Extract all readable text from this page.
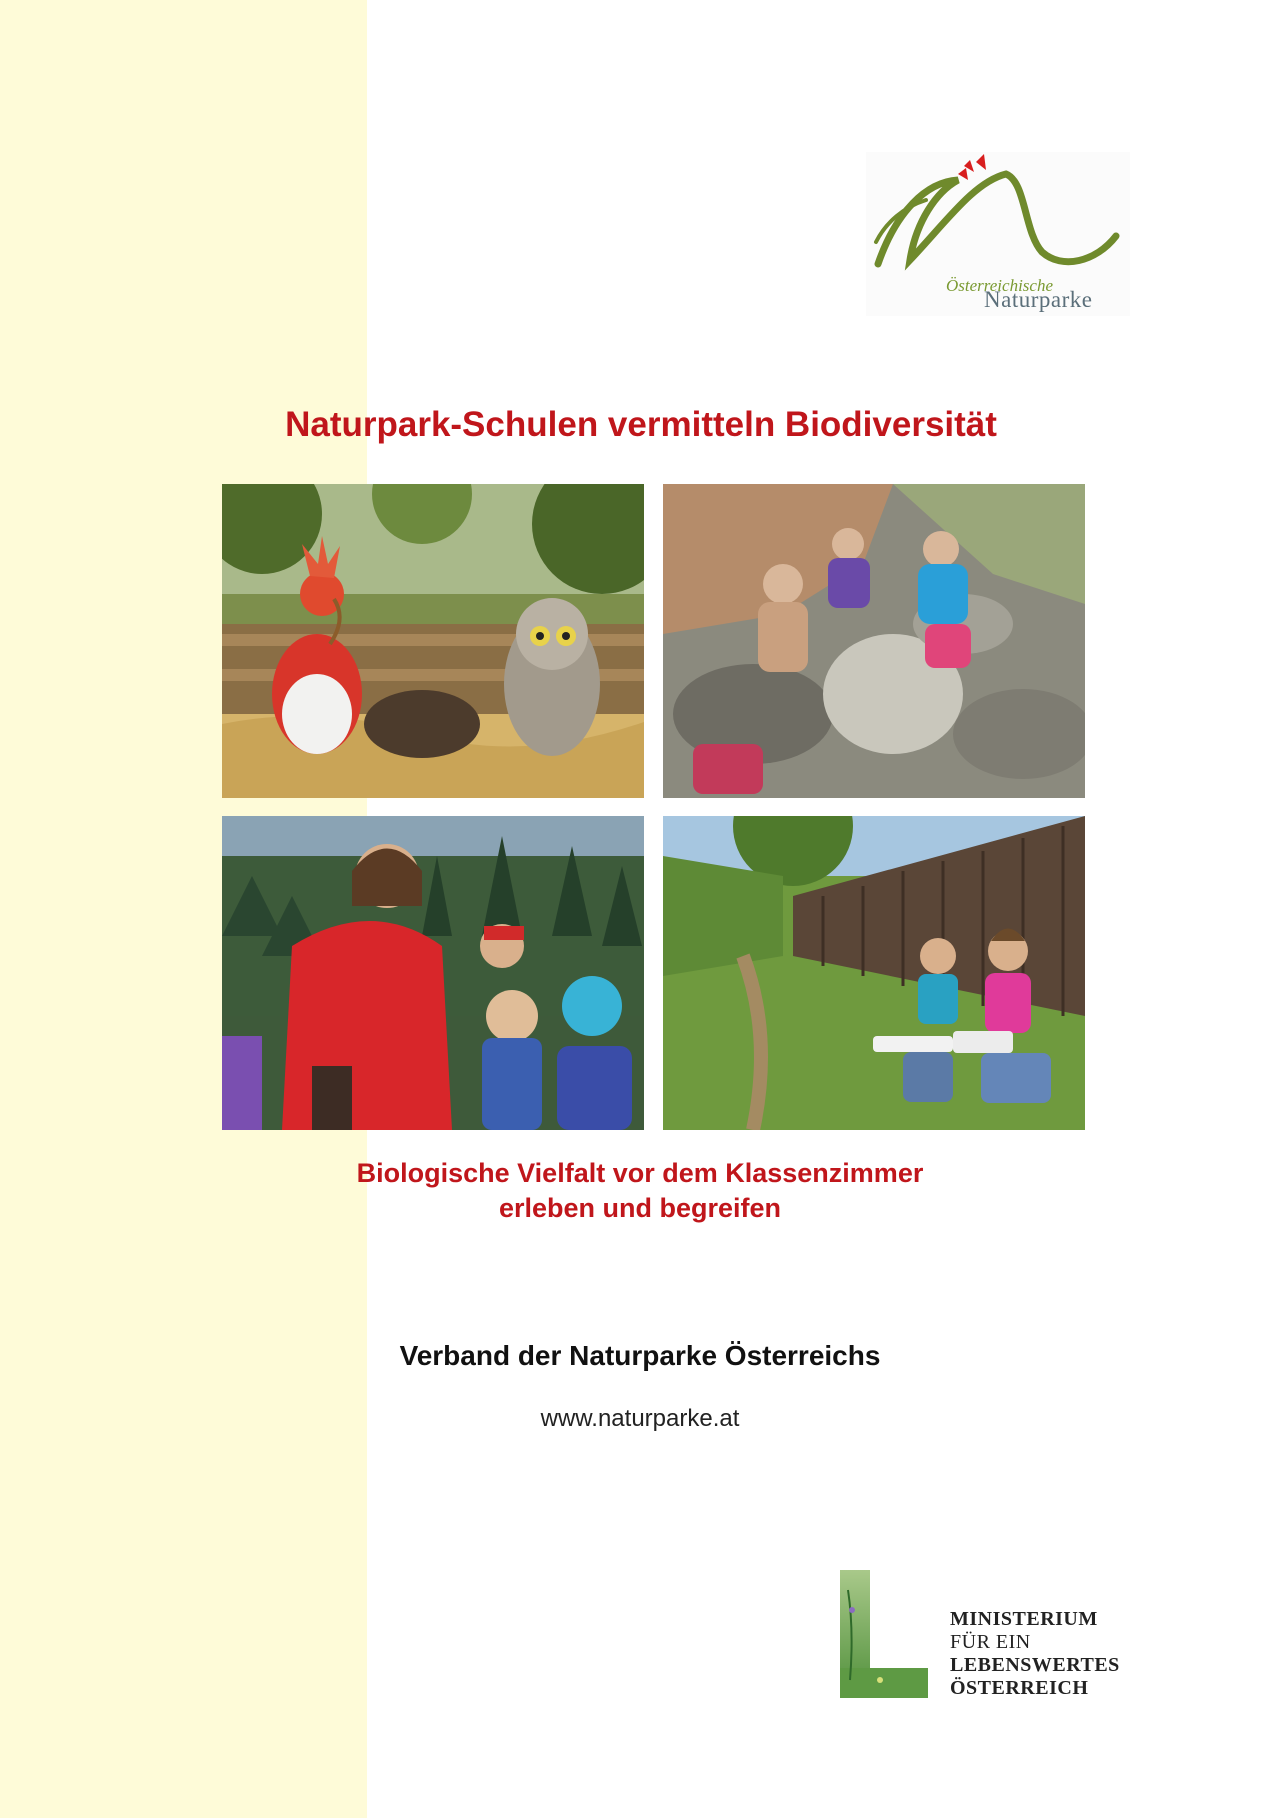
Österreichische
Naturparke
Naturpark-Schulen vermitteln Biodiversität
Biologische Vielfalt vor dem Klassenzimmer
erleben und begreifen
Verband der Naturparke Österreichs
www.naturparke.at
MINISTERIUM
FÜR EIN
LEBENSWERTES
ÖSTERREICH
